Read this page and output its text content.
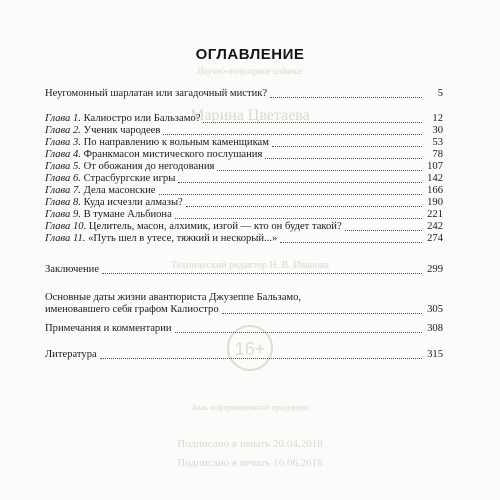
Научно-популярное издание
Марина Цветаева
Технический редактор Н. В. Иванова
Знак информационной продукции
Подписано в печать 20.04.2018
Подписано в печать 16.06.2018
16+
ОГЛАВЛЕНИЕ
Неугомонный шарлатан или загадочный мистик?	5
Глава 1. Калиостро или Бальзамо?	12
Глава 2. Ученик чародеев	30
Глава 3. По направлению к вольным каменщикам	53
Глава 4. Франкмасон мистического послушания	78
Глава 5. От обожания до негодования	107
Глава 6. Страсбургские игры	142
Глава 7. Дела масонские	166
Глава 8. Куда исчезли алмазы?	190
Глава 9. В тумане Альбиона	221
Глава 10. Целитель, масон, алхимик, изгой — кто он будет такой?	242
Глава 11. «Путь шел в утесе, тяжкий и нескорый...»	274
Заключение	299
Основные даты жизни авантюриста Джузеппе Бальзамо,
именовавшего себя графом Калиостро	305
Примечания и комментарии	308
Литература	315
